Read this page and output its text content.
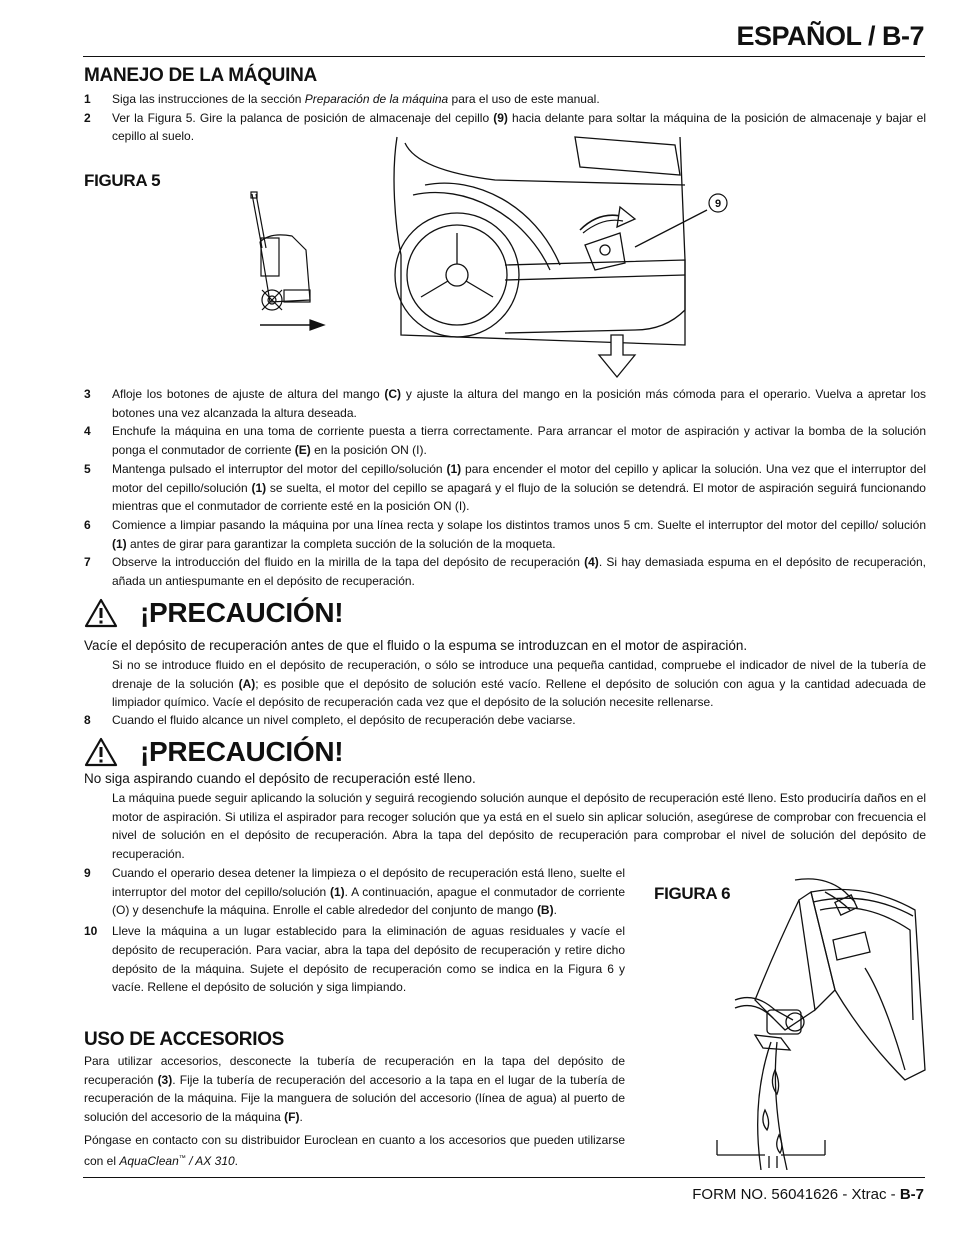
ESPAÑOL / B-7
MANEJO DE LA MÁQUINA
1	Siga las instrucciones de la sección Preparación de la máquina para el uso de este manual.
2	Ver la Figura 5. Gire la palanca de posición de almacenaje del cepillo (9) hacia delante para soltar la máquina de la posición de almacenaje y bajar el cepillo al suelo.
FIGURA 5
9
3	Afloje los botones de ajuste de altura del mango (C) y ajuste la altura del mango en la posición más cómoda para el operario. Vuelva a apretar los botones una vez alcanzada la altura deseada.
4	Enchufe la máquina en una toma de corriente puesta a tierra correctamente. Para arrancar el motor de aspiración y activar la bomba de la solución ponga el conmutador de corriente (E) en la posición ON (I).
5	Mantenga pulsado el interruptor del motor del cepillo/solución (1) para encender el motor del cepillo y aplicar la solución. Una vez que el interruptor del motor del cepillo/solución (1) se suelta, el motor del cepillo se apagará y el flujo de la solución se detendrá. El motor de aspiración seguirá funcionando mientras que el conmutador de corriente esté en la posición ON (I).
6	Comience a limpiar pasando la máquina por una línea recta y solape los distintos tramos unos 5 cm. Suelte el interruptor del motor del cepillo/ solución (1) antes de girar para garantizar la completa succión de la solución de la moqueta.
7	Observe la introducción del fluido en la mirilla de la tapa del depósito de recuperación (4). Si hay demasiada espuma en el depósito de recuperación, añada un antiespumante en el depósito de recuperación.
¡PRECAUCIÓN!
Vacíe el depósito de recuperación antes de que el fluido o la espuma se introduzcan en el motor de aspiración.
Si no se introduce fluido en el depósito de recuperación, o sólo se introduce una pequeña cantidad, compruebe el indicador de nivel de la tubería de drenaje de la solución (A); es posible que el depósito de solución esté vacío. Rellene el depósito de solución con agua y la cantidad adecuada de limpiador químico. Vacíe el depósito de recuperación cada vez que el depósito de la solución necesite rellenarse.
8	Cuando el fluido alcance un nivel completo, el depósito de recuperación debe vaciarse.
¡PRECAUCIÓN!
No siga aspirando cuando el depósito de recuperación esté lleno.
La máquina puede seguir aplicando la solución y seguirá recogiendo solución aunque el depósito de recuperación esté lleno. Esto produciría daños en el motor de aspiración. Si utiliza el aspirador para recoger solución que ya está en el suelo sin aplicar solución, asegúrese de comprobar con frecuencia el nivel de solución en el depósito de recuperación. Abra la tapa del depósito de recuperación para comprobar el nivel de solución del depósito de recuperación.
9	Cuando el operario desea detener la limpieza o el depósito de recuperación está lleno, suelte el interruptor del motor del cepillo/solución (1). A continuación, apague el conmutador de corriente (O) y desenchufe la máquina. Enrolle el cable alrededor del conjunto de mango (B).
10	Lleve la máquina a un lugar establecido para la eliminación de aguas residuales y vacíe el depósito de recuperación. Para vaciar, abra la tapa del depósito de recuperación y retire dicho depósito de la máquina. Sujete el depósito de recuperación como se indica en la Figura 6 y vacíe. Rellene el depósito de solución y siga limpiando.
USO DE ACCESORIOS
Para utilizar accesorios, desconecte la tubería de recuperación en la tapa del depósito de recuperación (3). Fije la tubería de recuperación del accesorio a la tapa en el lugar de la tubería de recuperación de la máquina. Fije la manguera de solución del accesorio (línea de agua) al puerto de solución del accesorio de la máquina (F).
Póngase en contacto con su distribuidor Euroclean en cuanto a los accesorios que pueden utilizarse con el AquaClean™ / AX 310.
FIGURA 6
FORM NO. 56041626 - Xtrac - B-7
